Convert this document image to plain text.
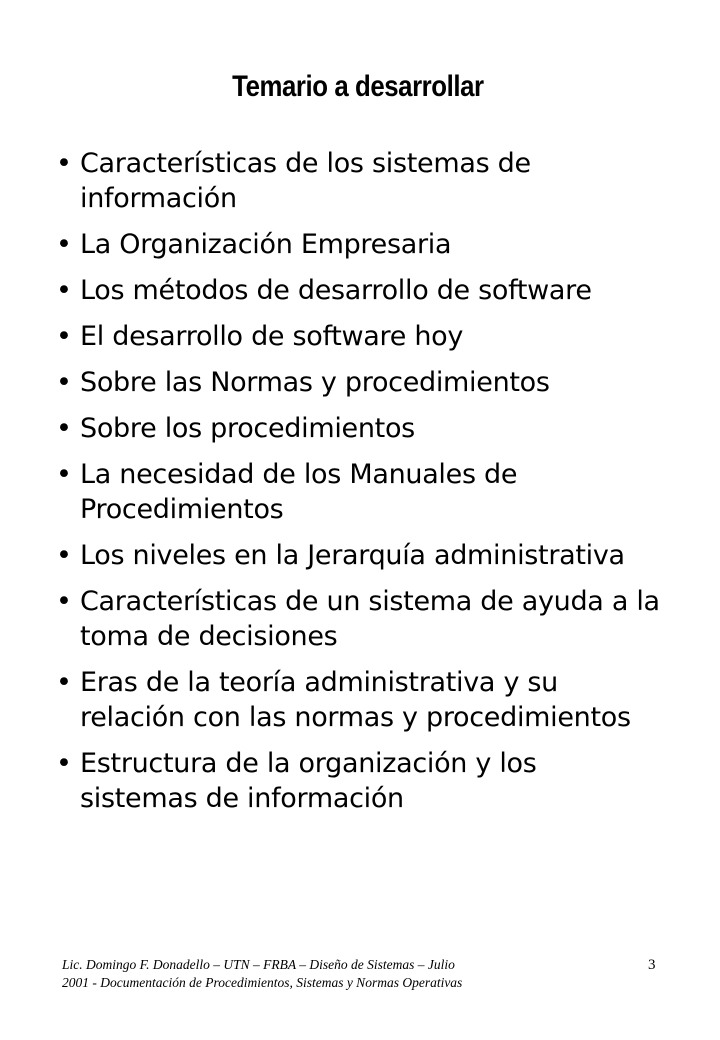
Temario a desarrollar
• Características de los sistemas de información
• La Organización Empresaria
• Los métodos de desarrollo de software
• El desarrollo de software hoy
• Sobre las Normas y procedimientos
• Sobre los procedimientos
• La necesidad de los Manuales de Procedimientos
• Los niveles en la Jerarquía administrativa
• Características de un sistema de ayuda a la toma de decisiones
• Eras de la teoría administrativa y su relación con las normas y procedimientos
• Estructura de la organización y los sistemas de información
Lic. Domingo F. Donadello – UTN – FRBA – Diseño de Sistemas – Julio
2001 - Documentación de Procedimientos, Sistemas y Normas Operativas
3
